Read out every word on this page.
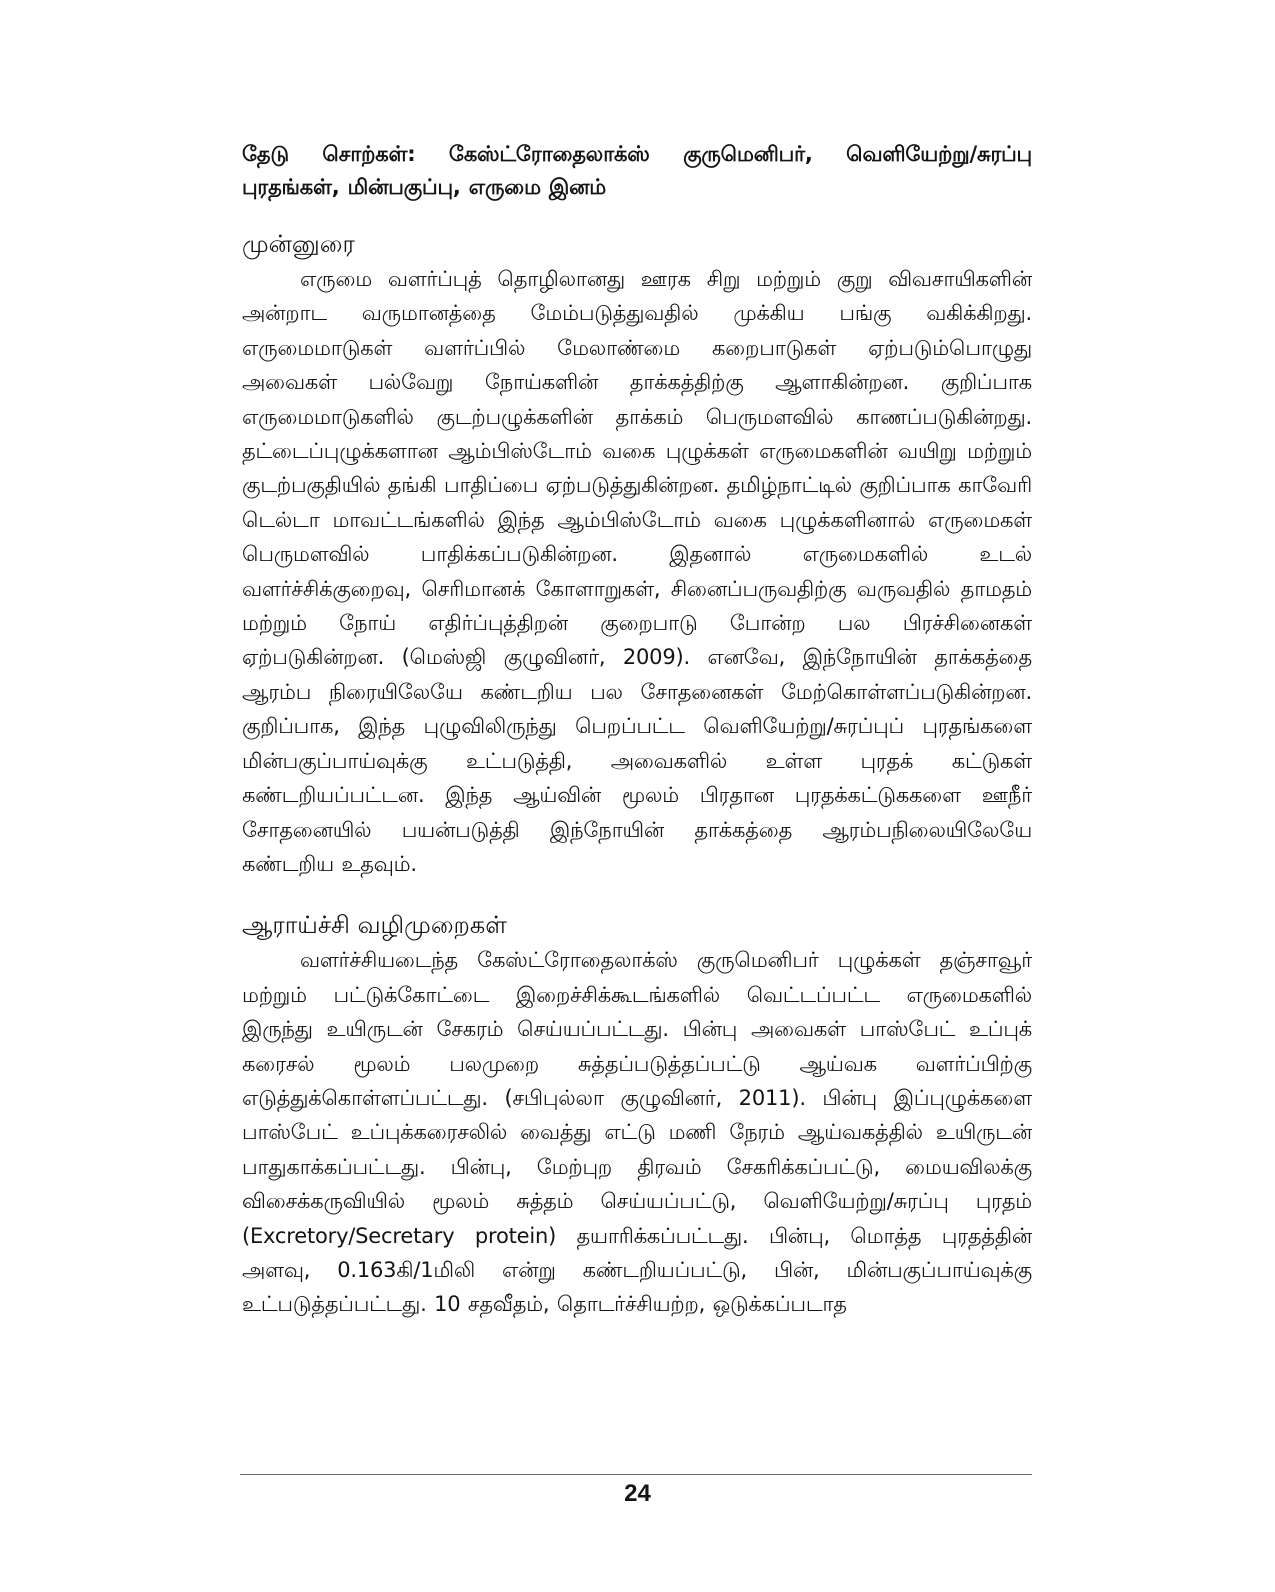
தேடு சொற்கள்: கேஸ்ட்ரோதைலாக்ஸ் குருமெனிபர், வெளியேற்று/சுரப்பு புரதங்கள், மின்பகுப்பு, எருமை இனம்

முன்னுரை

எருமை வளர்ப்புத் தொழிலானது ஊரக சிறு மற்றும் குறு விவசாயிகளின் அன்றாட வருமானத்தை மேம்படுத்துவதில் முக்கிய பங்கு வகிக்கிறது. எருமைமாடுகள் வளர்ப்பில் மேலாண்மை கறைபாடுகள் ஏற்படும்பொழுது அவைகள் பல்வேறு நோய்களின் தாக்கத்திற்கு ஆளாகின்றன. குறிப்பாக எருமைமாடுகளில் குடற்பழுக்களின் தாக்கம் பெருமளவில் காணப்படுகின்றது. தட்டைப்புழுக்களான ஆம்பிஸ்டோம் வகை புழுக்கள் எருமைகளின் வயிறு மற்றும் குடற்பகுதியில் தங்கி பாதிப்பை ஏற்படுத்துகின்றன. தமிழ்நாட்டில் குறிப்பாக காவேரி டெல்டா மாவட்டங்களில் இந்த ஆம்பிஸ்டோம் வகை புழுக்களினால் எருமைகள் பெருமளவில் பாதிக்கப்படுகின்றன. இதனால் எருமைகளில் உடல் வளர்ச்சிக்குறைவு, செரிமானக் கோளாறுகள், சினைப்பருவதிற்கு வருவதில் தாமதம் மற்றும் நோய் எதிர்ப்புத்திறன் குறைபாடு போன்ற பல பிரச்சினைகள் ஏற்படுகின்றன. (மெஸ்ஜி குழுவினர், 2009). எனவே, இந்நோயின் தாக்கத்தை ஆரம்ப நிரையிலேயே கண்டறிய பல சோதனைகள் மேற்கொள்ளப்படுகின்றன. குறிப்பாக, இந்த புழுவிலிருந்து பெறப்பட்ட வெளியேற்று/சுரப்புப் புரதங்களை மின்பகுப்பாய்வுக்கு உட்படுத்தி, அவைகளில் உள்ள புரதக் கட்டுகள் கண்டறியப்பட்டன. இந்த ஆய்வின் மூலம் பிரதான புரதக்கட்டுககளை ஊநீர் சோதனையில் பயன்படுத்தி இந்நோயின் தாக்கத்தை ஆரம்பநிலையிலேயே கண்டறிய உதவும்.

ஆராய்ச்சி வழிமுறைகள்

வளர்ச்சியடைந்த கேஸ்ட்ரோதைலாக்ஸ் குருமெனிபர் புழுக்கள் தஞ்சாவூர் மற்றும் பட்டுக்கோட்டை இறைச்சிக்கூடங்களில் வெட்டப்பட்ட எருமைகளில் இருந்து உயிருடன் சேகரம் செய்யப்பட்டது. பின்பு அவைகள் பாஸ்பேட் உப்புக் கரைசல் மூலம் பலமுறை சுத்தப்படுத்தப்பட்டு ஆய்வக வளர்ப்பிற்கு எடுத்துக்கொள்ளப்பட்டது. (சபிபுல்லா குழுவினர், 2011). பின்பு இப்புழுக்களை பாஸ்பேட் உப்புக்கரைசலில் வைத்து எட்டு மணி நேரம் ஆய்வகத்தில் உயிருடன் பாதுகாக்கப்பட்டது. பின்பு, மேற்புற திரவம் சேகரிக்கப்பட்டு, மையவிலக்கு விசைக்கருவியில் மூலம் சுத்தம் செய்யப்பட்டு, வெளியேற்று/சுரப்பு புரதம் (Excretory/Secretary protein) தயாரிக்கப்பட்டது. பின்பு, மொத்த புரதத்தின் அளவு, 0.163கி/1மிலி என்று கண்டறியப்பட்டு, பின், மின்பகுப்பாய்வுக்கு உட்படுத்தப்பட்டது. 10 சதவீதம், தொடர்ச்சியற்ற, ஒடுக்கப்படாத

24
